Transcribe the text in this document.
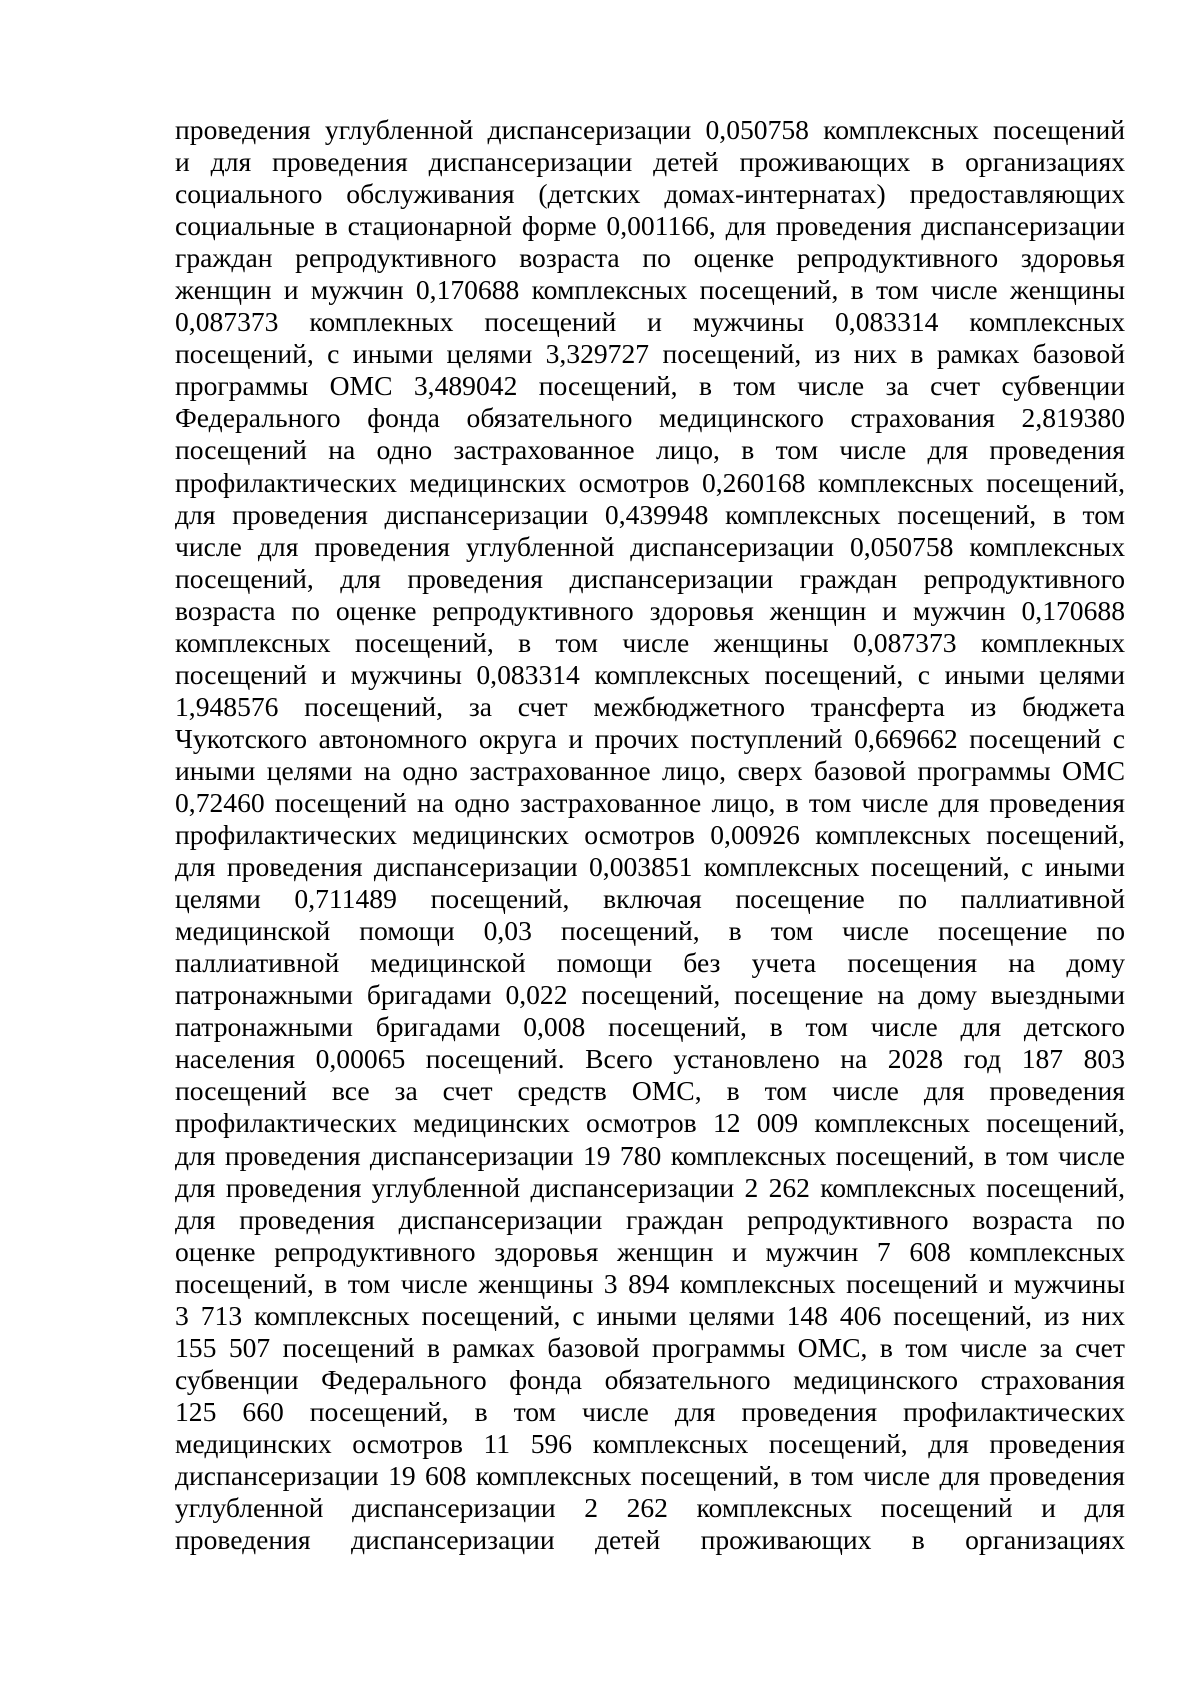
проведения углубленной диспансеризации 0,050758 комплексных посещений
и для проведения диспансеризации детей проживающих в организациях
социального обслуживания (детских домах-интернатах) предоставляющих
социальные в стационарной форме 0,001166, для проведения диспансеризации
граждан репродуктивного возраста по оценке репродуктивного здоровья
женщин и мужчин 0,170688 комплексных посещений, в том числе женщины
0,087373 комплекных посещений и мужчины 0,083314 комплексных
посещений, с иными целями 3,329727 посещений, из них в рамках базовой
программы ОМС 3,489042 посещений, в том числе за счет субвенции
Федерального фонда обязательного медицинского страхования 2,819380
посещений на одно застрахованное лицо, в том числе для проведения
профилактических медицинских осмотров 0,260168 комплексных посещений,
для проведения диспансеризации 0,439948 комплексных посещений, в том
числе для проведения углубленной диспансеризации 0,050758 комплексных
посещений, для проведения диспансеризации граждан репродуктивного
возраста по оценке репродуктивного здоровья женщин и мужчин 0,170688
комплексных посещений, в том числе женщины 0,087373 комплекных
посещений и мужчины 0,083314 комплексных посещений, с иными целями
1,948576 посещений, за счет межбюджетного трансферта из бюджета
Чукотского автономного округа и прочих поступлений 0,669662 посещений с
иными целями на одно застрахованное лицо, сверх базовой программы ОМС
0,72460 посещений на одно застрахованное лицо, в том числе для проведения
профилактических медицинских осмотров 0,00926 комплексных посещений,
для проведения диспансеризации 0,003851 комплексных посещений, с иными
целями 0,711489 посещений, включая посещение по паллиативной
медицинской помощи 0,03 посещений, в том числе посещение по
паллиативной медицинской помощи без учета посещения на дому
патронажными бригадами 0,022 посещений, посещение на дому выездными
патронажными бригадами 0,008 посещений, в том числе для детского
населения 0,00065 посещений. Всего установлено на 2028 год 187 803
посещений все за счет средств ОМС, в том числе для проведения
профилактических медицинских осмотров 12 009 комплексных посещений,
для проведения диспансеризации 19 780 комплексных посещений, в том числе
для проведения углубленной диспансеризации 2 262 комплексных посещений,
для проведения диспансеризации граждан репродуктивного возраста по
оценке репродуктивного здоровья женщин и мужчин 7 608 комплексных
посещений, в том числе женщины 3 894 комплексных посещений и мужчины
3 713 комплексных посещений, с иными целями 148 406 посещений, из них
155 507 посещений в рамках базовой программы ОМС, в том числе за счет
субвенции Федерального фонда обязательного медицинского страхования
125 660 посещений, в том числе для проведения профилактических
медицинских осмотров 11 596 комплексных посещений, для проведения
диспансеризации 19 608 комплексных посещений, в том числе для проведения
углубленной диспансеризации 2 262 комплексных посещений и для
проведения диспансеризации детей проживающих в организациях
